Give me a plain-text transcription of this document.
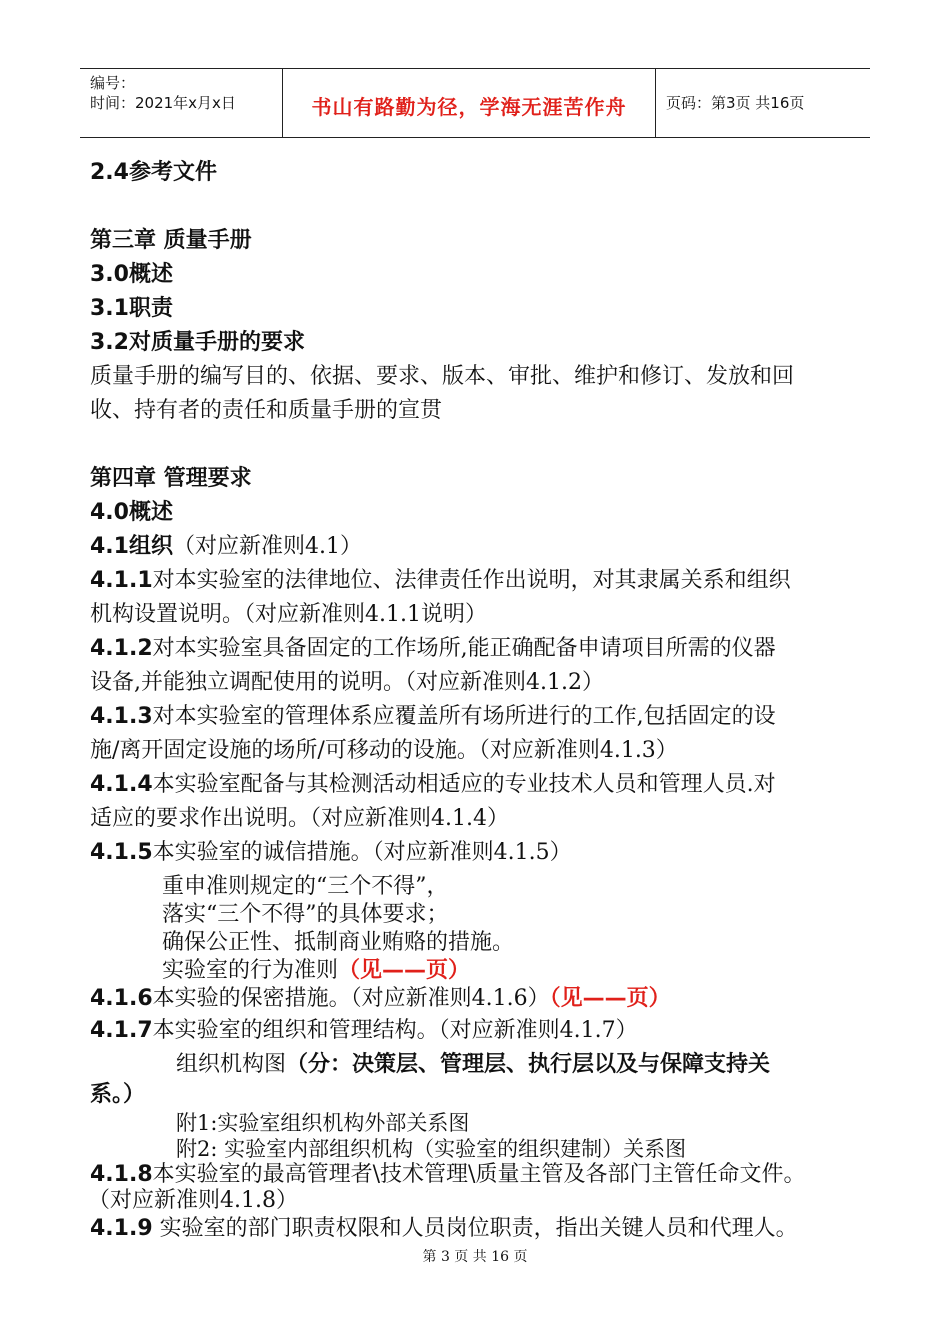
编号：
时间：2021年x月x日	书山有路勤为径，学海无涯苦作舟	页码：第3页 共16页
2.4参考文件
第三章 质量手册
3.0概述
3.1职责
3.2对质量手册的要求
质量手册的编写目的、依据、要求、版本、审批、维护和修订、发放和回
收、持有者的责任和质量手册的宣贯
第四章 管理要求
4.0概述
4.1组织（对应新准则4.1）
4.1.1对本实验室的法律地位、法律责任作出说明，对其隶属关系和组织
机构设置说明。（对应新准则4.1.1说明）
4.1.2对本实验室具备固定的工作场所,能正确配备申请项目所需的仪器
设备,并能独立调配使用的说明。（对应新准则4.1.2）
4.1.3对本实验室的管理体系应覆盖所有场所进行的工作,包括固定的设
施/离开固定设施的场所/可移动的设施。（对应新准则4.1.3）
4.1.4本实验室配备与其检测活动相适应的专业技术人员和管理人员.对
适应的要求作出说明。（对应新准则4.1.4）
4.1.5本实验室的诚信措施。（对应新准则4.1.5）
重申准则规定的“三个不得”，
落实“三个不得”的具体要求；
确保公正性、抵制商业贿赂的措施。
实验室的行为准则（见——页）
4.1.6本实验的保密措施。（对应新准则4.1.6）（见——页）
4.1.7本实验室的组织和管理结构。（对应新准则4.1.7）
组织机构图（分：决策层、管理层、执行层以及与保障支持关
系。）
附1:实验室组织机构外部关系图
附2: 实验室内部组织机构（实验室的组织建制）关系图
4.1.8本实验室的最高管理者\技术管理\质量主管及各部门主管任命文件。
（对应新准则4.1.8）
4.1.9 实验室的部门职责权限和人员岗位职责，指出关键人员和代理人。
第 3 页 共 16 页
